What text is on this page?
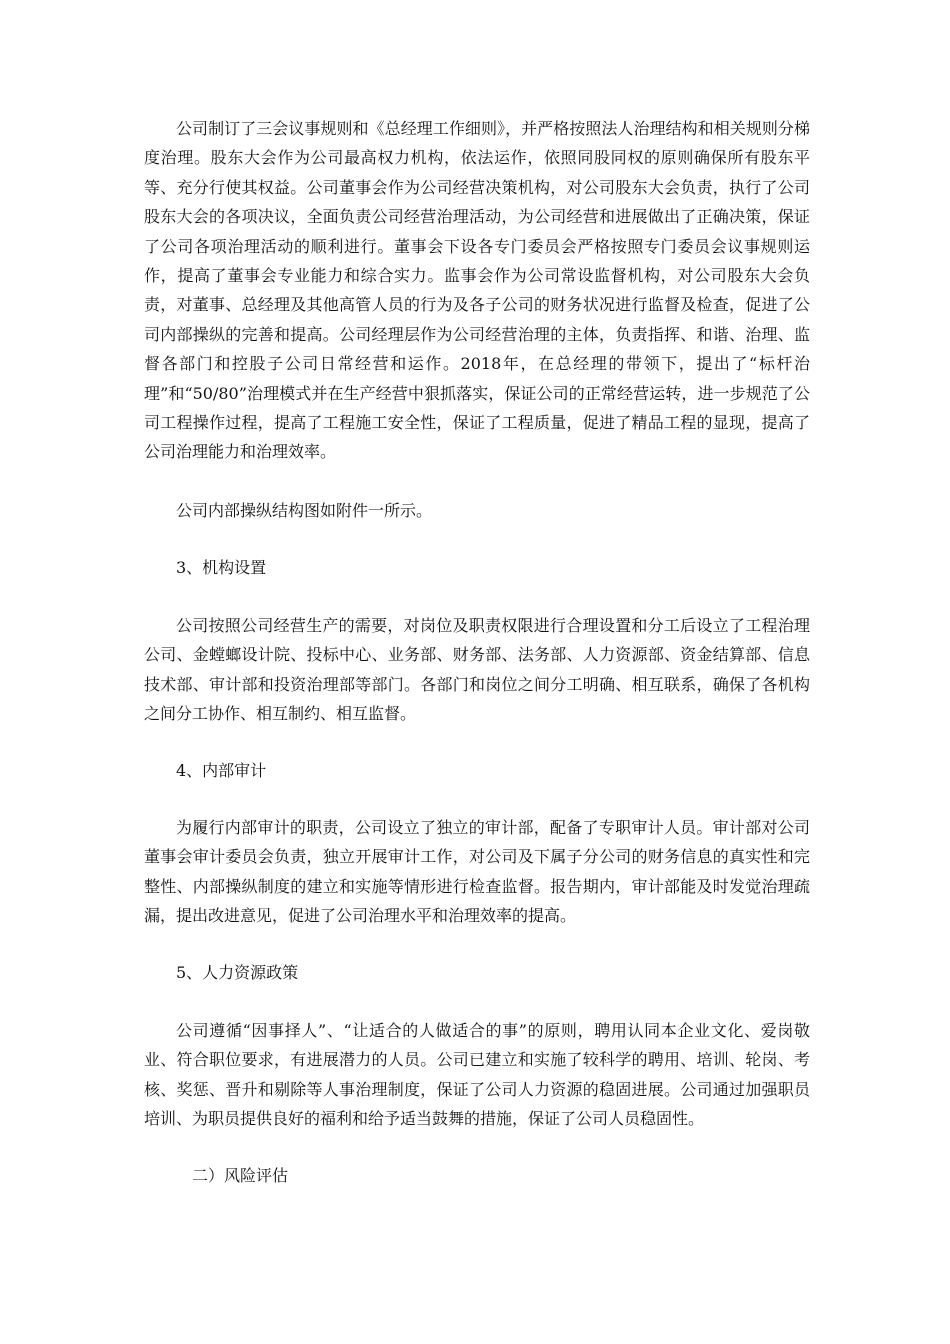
公司制订了三会议事规则和《总经理工作细则》，并严格按照法人治理结构和相关规则分梯度治理。股东大会作为公司最高权力机构，依法运作，依照同股同权的原则确保所有股东平等、充分行使其权益。公司董事会作为公司经营决策机构，对公司股东大会负责，执行了公司股东大会的各项决议，全面负责公司经营治理活动，为公司经营和进展做出了正确决策，保证了公司各项治理活动的顺利进行。董事会下设各专门委员会严格按照专门委员会议事规则运作，提高了董事会专业能力和综合实力。监事会作为公司常设监督机构，对公司股东大会负责，对董事、总经理及其他高管人员的行为及各子公司的财务状况进行监督及检查，促进了公司内部操纵的完善和提高。公司经理层作为公司经营治理的主体，负责指挥、和谐、治理、监督各部门和控股子公司日常经营和运作。2018年，在总经理的带领下，提出了“标杆治理”和“50/80”治理模式并在生产经营中狠抓落实，保证公司的正常经营运转，进一步规范了公司工程操作过程，提高了工程施工安全性，保证了工程质量，促进了精品工程的显现，提高了公司治理能力和治理效率。

公司内部操纵结构图如附件一所示。

3、机构设置

公司按照公司经营生产的需要，对岗位及职责权限进行合理设置和分工后设立了工程治理公司、金螳螂设计院、投标中心、业务部、财务部、法务部、人力资源部、资金结算部、信息技术部、审计部和投资治理部等部门。各部门和岗位之间分工明确、相互联系，确保了各机构之间分工协作、相互制约、相互监督。

4、内部审计

为履行内部审计的职责，公司设立了独立的审计部，配备了专职审计人员。审计部对公司董事会审计委员会负责，独立开展审计工作，对公司及下属子分公司的财务信息的真实性和完整性、内部操纵制度的建立和实施等情形进行检查监督。报告期内，审计部能及时发觉治理疏漏，提出改进意见，促进了公司治理水平和治理效率的提高。

5、人力资源政策

公司遵循“因事择人”、“让适合的人做适合的事”的原则，聘用认同本企业文化、爱岗敬业、符合职位要求，有进展潜力的人员。公司已建立和实施了较科学的聘用、培训、轮岗、考核、奖惩、晋升和剔除等人事治理制度，保证了公司人力资源的稳固进展。公司通过加强职员培训、为职员提供良好的福利和给予适当鼓舞的措施，保证了公司人员稳固性。

二）风险评估
